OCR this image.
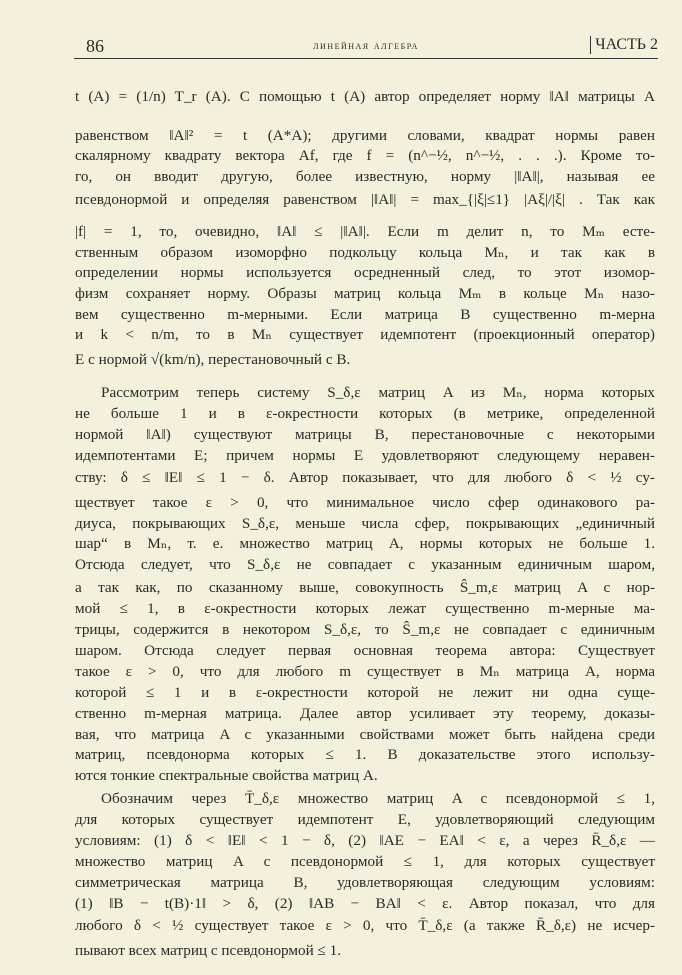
86	линейная алгебра	ЧАСТЬ 2
t (A) = (1/n) T_r (A). С помощью t (A) автор определяет норму ‖A‖ матрицы A
равенством ‖A‖² = t (A*A); другими словами, квадрат нормы равен
скалярному квадрату вектора Af, где f = (n^−½, n^−½, . . .). Кроме то-
го, он вводит другую, более известную, норму |‖A‖|, называя ее
псевдонормой и определяя равенством |‖A‖| = max_{|ξ|≤1} |Aξ|/|ξ| . Так как
|f| = 1, то, очевидно, ‖A‖ ≤ |‖A‖|. Если m делит n, то Mₘ есте-
ственным образом изоморфно подкольцу кольца Mₙ, и так как в
определении нормы используется осредненный след, то этот изомор-
физм сохраняет норму. Образы матриц кольца Mₘ в кольце Mₙ назо-
вем существенно m-мерными. Если матрица B существенно m-мерна
и k < n/m, то в Mₙ существует идемпотент (проекционный оператор)
E с нормой √(km/n), перестановочный с B.
Рассмотрим теперь систему S_δ,ε матриц A из Mₙ, норма которых
не больше 1 и в ε-окрестности которых (в метрике, определенной
нормой ‖A‖) существуют матрицы B, перестановочные с некоторыми
идемпотентами E; причем нормы E удовлетворяют следующему неравен-
ству: δ ≤ ‖E‖ ≤ 1 − δ. Автор показывает, что для любого δ < ½ су-
ществует такое ε > 0, что минимальное число сфер одинакового ра-
диуса, покрывающих S_δ,ε, меньше числа сфер, покрывающих „единичный
шар“ в Mₙ, т. е. множество матриц A, нормы которых не больше 1.
Отсюда следует, что S_δ,ε не совпадает с указанным единичным шаром,
а так как, по сказанному выше, совокупность Ŝ_m,ε матриц A с нор-
мой ≤ 1, в ε-окрестности которых лежат существенно m-мерные ма-
трицы, содержится в некотором S_δ,ε, то Ŝ_m,ε не совпадает с единичным
шаром. Отсюда следует первая основная теорема автора: Существует
такое ε > 0, что для любого m существует в Mₙ матрица A, норма
которой ≤ 1 и в ε-окрестности которой не лежит ни одна суще-
ственно m-мерная матрица. Далее автор усиливает эту теорему, доказы-
вая, что матрица A с указанными свойствами может быть найдена среди
матриц, псевдонорма которых ≤ 1. В доказательстве этого использу-
ются тонкие спектральные свойства матриц A.
Обозначим через T̄_δ,ε множество матриц A с псевдонормой ≤ 1,
для которых существует идемпотент E, удовлетворяющий следующим
условиям: (1) δ < ‖E‖ < 1 − δ, (2) ‖AE − EA‖ < ε, а через R̄_δ,ε —
множество матриц A с псевдонормой ≤ 1, для которых существует
симметрическая матрица B, удовлетворяющая следующим условиям:
(1) ‖B − t(B)·1‖ > δ, (2) ‖AB − BA‖ < ε. Автор показал, что для
любого δ < ½ существует такое ε > 0, что T̄_δ,ε (а также R̄_δ,ε) не исчер-
пывают всех матриц с псевдонормой ≤ 1.
